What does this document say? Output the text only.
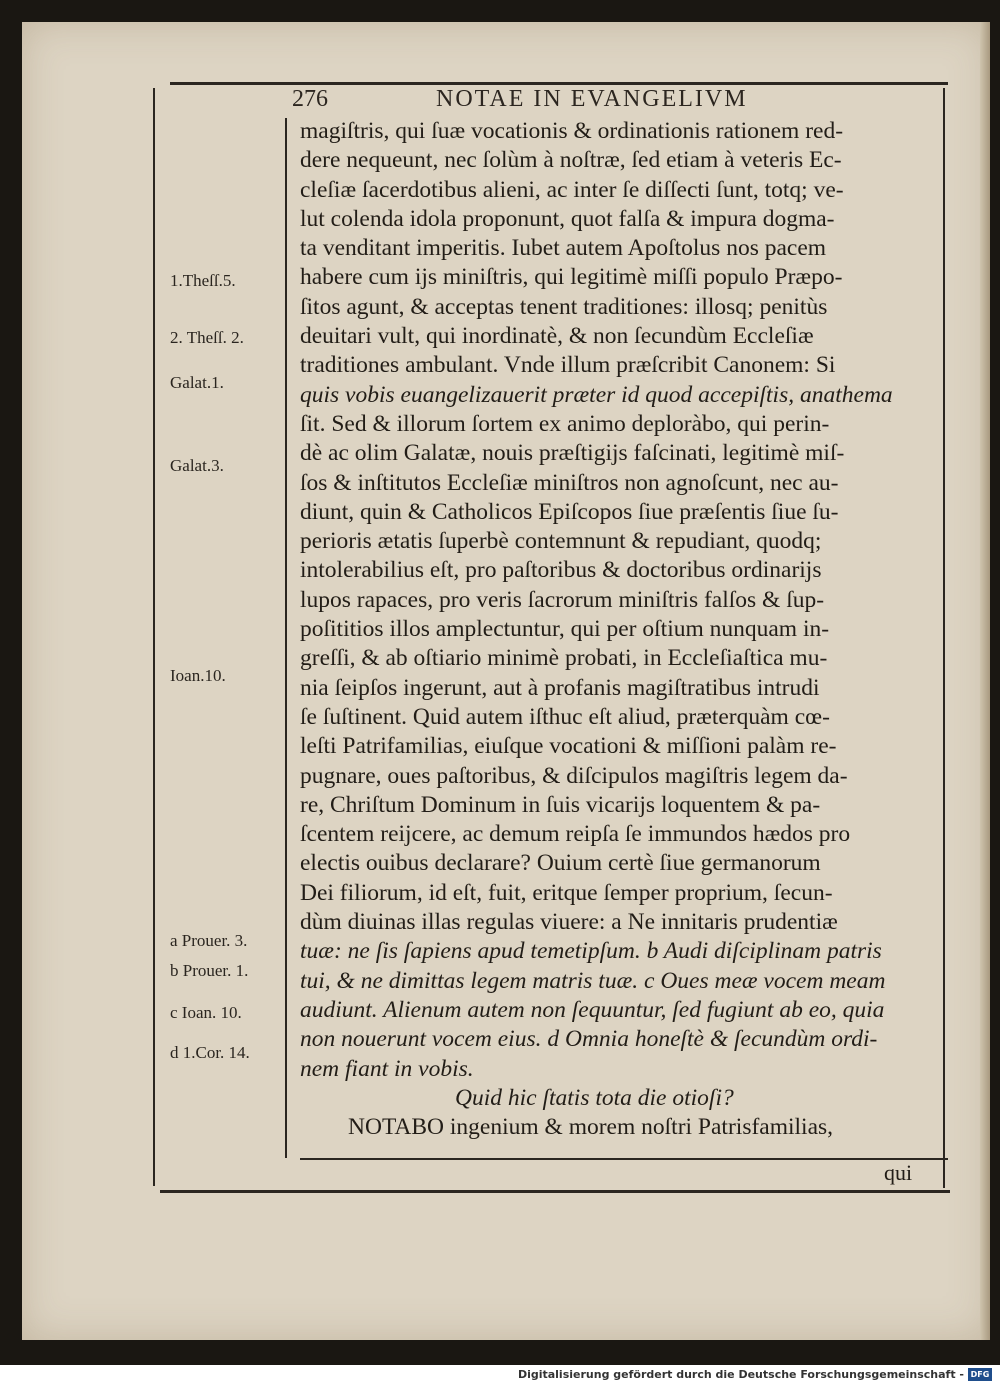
276	NOTAE IN EVANGELIVM
1.Theſſ.5.
2. Theſſ. 2.
Galat.1.
Galat.3.
Ioan.10.
a Prouer. 3.
b Prouer. 1.
c Ioan. 10.
d 1.Cor. 14.
magiſtris, qui ſuæ vocationis & ordinationis rationem red-
dere nequeunt, nec ſolùm à noſtræ, ſed etiam à veteris Ec-
cleſiæ ſacerdotibus alieni, ac inter ſe diſſecti ſunt, totq; ve-
lut colenda idola proponunt, quot falſa & impura dogma-
ta venditant imperitis. Iubet autem Apoſtolus nos pacem
habere cum ijs miniſtris, qui legitimè miſſi populo Præpo-
ſitos agunt, & acceptas tenent traditiones: illosq; penitùs
deuitari vult, qui inordinatè, & non ſecundùm Eccleſiæ
traditiones ambulant. Vnde illum præſcribit Canonem: Si
quis vobis euangelizauerit præter id quod accepiſtis, anathema
ſit. Sed & illorum ſortem ex animo deploràbo, qui perin-
dè ac olim Galatæ, nouis præſtigijs faſcinati, legitimè miſ-
ſos & inſtitutos Eccleſiæ miniſtros non agnoſcunt, nec au-
diunt, quin & Catholicos Epiſcopos ſiue præſentis ſiue ſu-
perioris ætatis ſuperbè contemnunt & repudiant, quodq;
intolerabilius eſt, pro paſtoribus & doctoribus ordinarijs
lupos rapaces, pro veris ſacrorum miniſtris falſos & ſup-
poſititios illos amplectuntur, qui per oſtium nunquam in-
greſſi, & ab oſtiario minimè probati, in Eccleſiaſtica mu-
nia ſeipſos ingerunt, aut à profanis magiſtratibus intrudi
ſe ſuſtinent. Quid autem iſthuc eſt aliud, præterquàm cœ-
leſti Patrifamilias, eiuſque vocationi & miſſioni palàm re-
pugnare, oues paſtoribus, & diſcipulos magiſtris legem da-
re, Chriſtum Dominum in ſuis vicarijs loquentem & pa-
ſcentem reijcere, ac demum reipſa ſe immundos hædos pro
electis ouibus declarare? Ouium certè ſiue germanorum
Dei filiorum, id eſt, fuit, eritque ſemper proprium, ſecun-
dùm diuinas illas regulas viuere: a Ne innitaris prudentiæ
tuæ: ne ſis ſapiens apud temetipſum. b Audi diſciplinam patris
tui, & ne dimittas legem matris tuæ. c Oues meæ vocem meam
audiunt. Alienum autem non ſequuntur, ſed fugiunt ab eo, quia
non nouerunt vocem eius. d Omnia honeſtè & ſecundùm ordi-
nem fiant in vobis.
Quid hic ſtatis tota die otioſi?
NOTABO ingenium & morem noſtri Patrisfamilias,
qui
Digitalisierung gefördert durch die Deutsche Forschungsgemeinschaft - DFG
